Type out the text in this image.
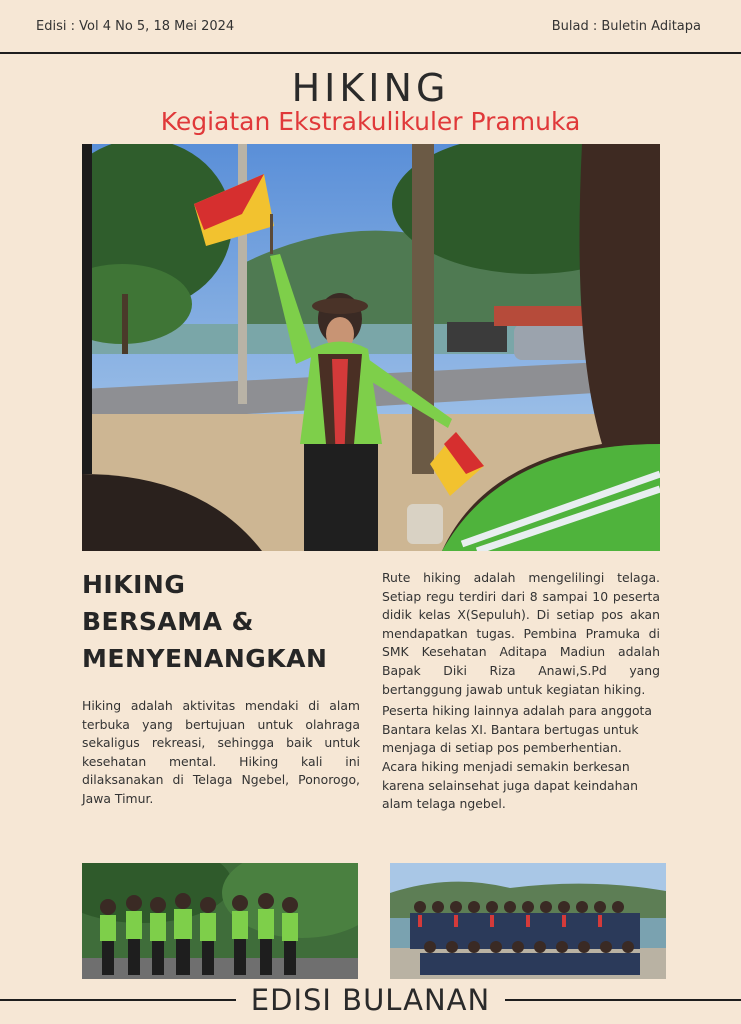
Edisi : Vol 4 No 5, 18 Mei 2024	Bulad : Buletin Aditapa
HIKING
Kegiatan Ekstrakulikuler Pramuka
HIKING
BERSAMA &
MENYENANGKAN
Hiking adalah aktivitas mendaki di alam terbuka yang bertujuan untuk olahraga sekaligus rekreasi, sehingga baik untuk kesehatan mental. Hiking kali ini dilaksanakan di Telaga Ngebel, Ponorogo, Jawa Timur.

Rute hiking adalah mengelilingi telaga. Setiap regu terdiri dari 8 sampai 10 peserta didik kelas X(Sepuluh). Di setiap pos akan mendapatkan tugas. Pembina Pramuka di SMK Kesehatan Aditapa Madiun adalah Bapak Diki Riza Anawi,S.Pd yang bertanggung jawab untuk kegiatan hiking.

Peserta hiking lainnya adalah para anggota Bantara kelas XI. Bantara bertugas untuk menjaga di setiap pos pemberhentian. Acara hiking menjadi semakin berkesan karena selainsehat juga dapat keindahan alam telaga ngebel.

EDISI BULANAN
